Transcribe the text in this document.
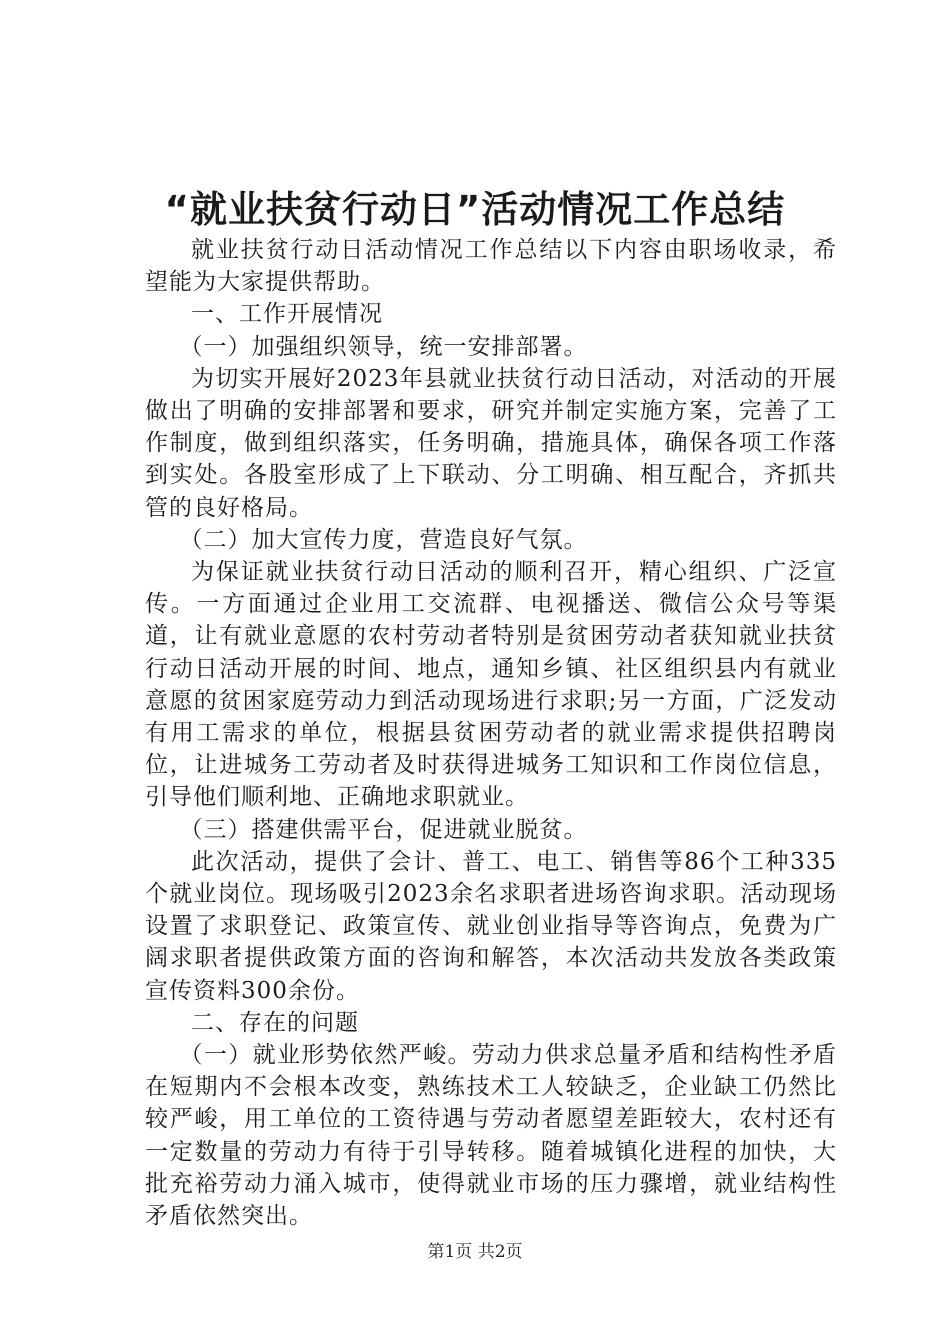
“就业扶贫行动日”活动情况工作总结

就业扶贫行动日活动情况工作总结以下内容由职场收录，希望能为大家提供帮助。

一、工作开展情况

（一）加强组织领导，统一安排部署。

为切实开展好2023年县就业扶贫行动日活动，对活动的开展做出了明确的安排部署和要求，研究并制定实施方案，完善了工作制度，做到组织落实，任务明确，措施具体，确保各项工作落到实处。各股室形成了上下联动、分工明确、相互配合，齐抓共管的良好格局。

（二）加大宣传力度，营造良好气氛。

为保证就业扶贫行动日活动的顺利召开，精心组织、广泛宣传。一方面通过企业用工交流群、电视播送、微信公众号等渠道，让有就业意愿的农村劳动者特别是贫困劳动者获知就业扶贫行动日活动开展的时间、地点，通知乡镇、社区组织县内有就业意愿的贫困家庭劳动力到活动现场进行求职;另一方面，广泛发动有用工需求的单位，根据县贫困劳动者的就业需求提供招聘岗位，让进城务工劳动者及时获得进城务工知识和工作岗位信息，引导他们顺利地、正确地求职就业。

（三）搭建供需平台，促进就业脱贫。

此次活动，提供了会计、普工、电工、销售等86个工种335个就业岗位。现场吸引2023余名求职者进场咨询求职。活动现场设置了求职登记、政策宣传、就业创业指导等咨询点，免费为广阔求职者提供政策方面的咨询和解答，本次活动共发放各类政策宣传资料300余份。

二、存在的问题

（一）就业形势依然严峻。劳动力供求总量矛盾和结构性矛盾在短期内不会根本改变，熟练技术工人较缺乏，企业缺工仍然比较严峻，用工单位的工资待遇与劳动者愿望差距较大，农村还有一定数量的劳动力有待于引导转移。随着城镇化进程的加快，大批充裕劳动力涌入城市，使得就业市场的压力骤增，就业结构性矛盾依然突出。

第1页 共2页
